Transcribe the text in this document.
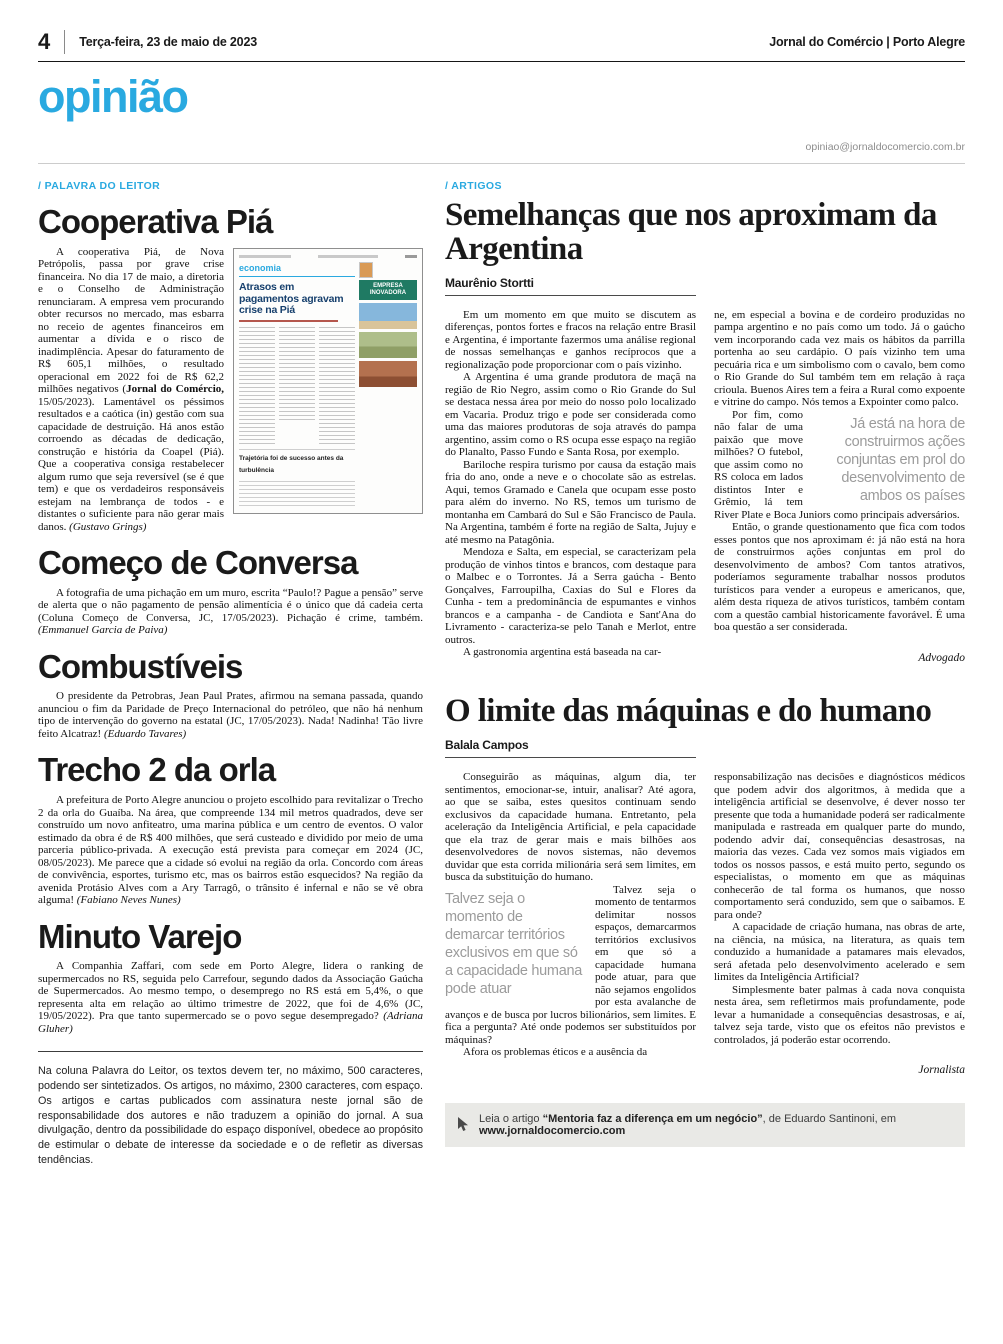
4 Terça-feira, 23 de maio de 2023	Jornal do Comércio | Porto Alegre
opinião
opiniao@jornaldocomercio.com.br
/ PALAVRA DO LEITOR
Cooperativa Piá
economia
Atrasos em pagamentos agravam crise na Piá
Trajetória foi de sucesso antes da turbulência
EMPRESA INOVADORA

A cooperativa Piá, de Nova Petrópolis, passa por grave crise financeira. No dia 17 de maio, a diretoria e o Conselho de Administração renunciaram. A empresa vem procurando obter recursos no mercado, mas esbarra no receio de agentes financeiros em aumentar a dívida e o risco de inadimplência. Apesar do faturamento de R$ 605,1 milhões, o resultado operacional em 2022 foi de R$ 62,2 milhões negativos (Jornal do Comércio, 15/05/2023). Lamentável os péssimos resultados e a caótica (in) gestão com sua capacidade de destruição. Há anos estão corroendo as décadas de dedicação, construção e história da Coapel (Piá). Que a cooperativa consiga restabelecer algum rumo que seja reversível (se é que tem) e que os verdadeiros responsáveis estejam na lembrança de todos - e distantes o suficiente para não gerar mais danos. (Gustavo Grings)

Começo de Conversa

A fotografia de uma pichação em um muro, escrita “Paulo!? Pague a pensão” serve de alerta que o não pagamento de pensão alimentícia é o único que dá cadeia certa (Coluna Começo de Conversa, JC, 17/05/2023). Pichação é crime, também. (Emmanuel Garcia de Paiva)

Combustíveis

O presidente da Petrobras, Jean Paul Prates, afirmou na semana passada, quando anunciou o fim da Paridade de Preço Internacional do petróleo, que não há nenhum tipo de intervenção do governo na estatal (JC, 17/05/2023). Nada! Nadinha! Tão livre feito Alcatraz! (Eduardo Tavares)

Trecho 2 da orla

A prefeitura de Porto Alegre anunciou o projeto escolhido para revitalizar o Trecho 2 da orla do Guaíba. Na área, que compreende 134 mil metros quadrados, deve ser construído um novo anfiteatro, uma marina pública e um centro de eventos. O valor estimado da obra é de R$ 400 milhões, que será custeado e dividido por meio de uma parceria público-privada. A execução está prevista para começar em 2024 (JC, 08/05/2023). Me parece que a cidade só evolui na região da orla. Concordo com áreas de convivência, esportes, turismo etc, mas os bairros estão esquecidos? Na região da avenida Protásio Alves com a Ary Tarragô, o trânsito é infernal e não se vê obra alguma! (Fabiano Neves Nunes)

Minuto Varejo

A Companhia Zaffari, com sede em Porto Alegre, lidera o ranking de supermercados no RS, seguida pelo Carrefour, segundo dados da Associação Gaúcha de Supermercados. Ao mesmo tempo, o desemprego no RS está em 5,4%, o que representa alta em relação ao último trimestre de 2022, que foi de 4,6% (JC, 19/05/2022). Pra que tanto supermercado se o povo segue desempregado? (Adriana Gluher)

Na coluna Palavra do Leitor, os textos devem ter, no máximo, 500 caracteres, podendo ser sintetizados. Os artigos, no máximo, 2300 caracteres, com espaço. Os artigos e cartas publicados com assinatura neste jornal são de responsabilidade dos autores e não traduzem a opinião do jornal. A sua divulgação, dentro da possibilidade do espaço disponível, obedece ao propósito de estimular o debate de interesse da sociedade e o de refletir as diversas tendências.
/ ARTIGOS
Semelhanças que nos aproximam da Argentina
Maurênio Stortti

Em um momento em que muito se discutem as diferenças, pontos fortes e fracos na relação entre Brasil e Argentina, é importante fazermos uma análise regional de nossas semelhanças e ganhos recíprocos que a regionalização pode proporcionar com o país vizinho.

A Argentina é uma grande produtora de maçã na região de Rio Negro, assim como o Rio Grande do Sul se destaca nessa área por meio do nosso polo localizado em Vacaria. Produz trigo e pode ser considerada como uma das maiores produtoras de soja através do pampa argentino, assim como o RS ocupa esse espaço na região do Planalto, Passo Fundo e Santa Rosa, por exemplo.

Bariloche respira turismo por causa da estação mais fria do ano, onde a neve e o chocolate são as estrelas. Aqui, temos Gramado e Canela que ocupam esse posto para além do inverno. No RS, temos um turismo de montanha em Cambará do Sul e São Francisco de Paula. Na Argentina, também é forte na região de Salta, Jujuy e até mesmo na Patagônia.

Mendoza e Salta, em especial, se caracterizam pela produção de vinhos tintos e brancos, com destaque para o Malbec e o Torrontes. Já a Serra gaúcha - Bento Gonçalves, Farroupilha, Caxias do Sul e Flores da Cunha - tem a predominância de espumantes e vinhos brancos e a campanha - de Candiota e Sant'Ana do Livramento - caracteriza-se pelo Tanah e Merlot, entre outros.

A gastronomia argentina está baseada na car-

ne, em especial a bovina e de cordeiro produzidas no pampa argentino e no país como um todo. Já o gaúcho vem incorporando cada vez mais os hábitos da parrilla portenha ao seu cardápio. O país vizinho tem uma pecuária rica e um simbolismo com o cavalo, bem como o Rio Grande do Sul também tem em relação à raça crioula. Buenos Aires tem a feira a Rural como expoente e vitrine do campo. Nós temos a Expointer como palco.

Já está na hora de construirmos ações conjuntas em prol do desenvolvimento de ambos os países

Por fim, como não falar de uma paixão que move milhões? O futebol, que assim como no RS coloca em lados distintos Inter e Grêmio, lá tem River Plate e Boca Juniors como principais adversários.

Então, o grande questionamento que fica com todos esses pontos que nos aproximam é: já não está na hora de construirmos ações conjuntas em prol do desenvolvimento de ambos? Com tantos atrativos, poderíamos seguramente trabalhar nossos produtos turísticos para vender a europeus e americanos, que, além desta riqueza de ativos turísticos, também contam com a questão cambial historicamente favorável. É uma boa questão a ser considerada.

Advogado
O limite das máquinas e do humano
Balala Campos

Conseguirão as máquinas, algum dia, ter sentimentos, emocionar-se, intuir, analisar? Até agora, ao que se saiba, estes quesitos continuam sendo exclusivos da capacidade humana. Entretanto, pela aceleração da Inteligência Artificial, e pela capacidade que ela traz de gerar mais e mais bilhões aos desenvolvedores de novos sistemas, não devemos duvidar que esta corrida milionária será sem limites, em busca da substituição do humano.

Talvez seja o momento de demarcar territórios exclusivos em que só a capacidade humana pode atuar

Talvez seja o momento de tentarmos delimitar nossos espaços, demarcarmos territórios exclusivos em que só a capacidade humana pode atuar, para que não sejamos engolidos por esta avalanche de avanços e de busca por lucros bilionários, sem limites. E fica a pergunta? Até onde podemos ser substituídos por máquinas?

Afora os problemas éticos e a ausência da

responsabilização nas decisões e diagnósticos médicos que podem advir dos algoritmos, à medida que a inteligência artificial se desenvolve, é dever nosso ter presente que toda a humanidade poderá ser radicalmente manipulada e rastreada em qualquer parte do mundo, podendo advir daí, consequências desastrosas, na maioria das vezes. Cada vez somos mais vigiados em todos os nossos passos, e está muito perto, segundo os especialistas, o momento em que as máquinas conhecerão de tal forma os humanos, que nosso comportamento será conduzido, sem que o saibamos. E para onde?

A capacidade de criação humana, nas obras de arte, na ciência, na música, na literatura, as quais tem conduzido a humanidade a patamares mais elevados, será afetada pelo desenvolvimento acelerado e sem limites da Inteligência Artificial?

Simplesmente bater palmas à cada nova conquista nesta área, sem refletirmos mais profundamente, pode levar a humanidade a consequências desastrosas, e aí, talvez seja tarde, visto que os efeitos não previstos e controlados, já poderão estar ocorrendo.

Jornalista
Leia o artigo “Mentoria faz a diferença em um negócio”, de Eduardo Santinoni, em www.jornaldocomercio.com
